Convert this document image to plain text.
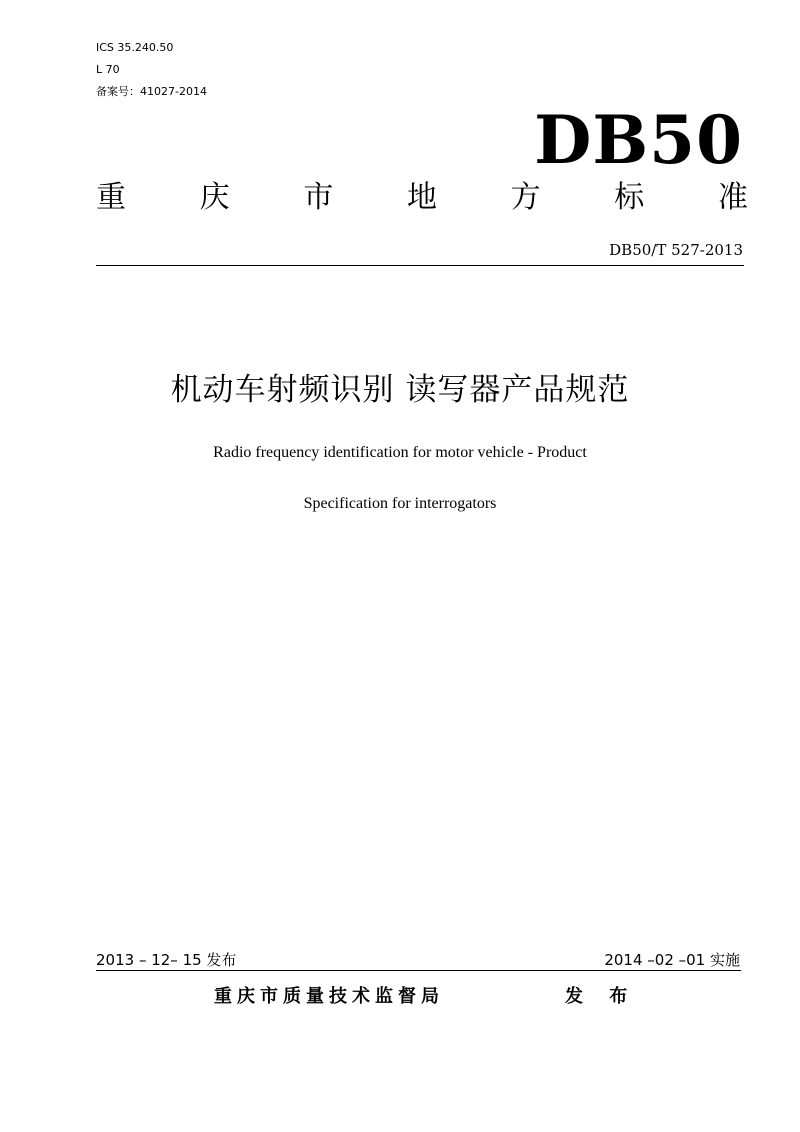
ICS 35.240.50
L 70
备案号：41027-2014
DB50
重 庆 市 地 方 标 准
DB50/T 527-2013
机动车射频识别 读写器产品规范
Radio frequency identification for motor vehicle - Product
Specification for interrogators
2013 – 12– 15 发布	2014 –02 –01 实施
重庆市质量技术监督局	发 布
